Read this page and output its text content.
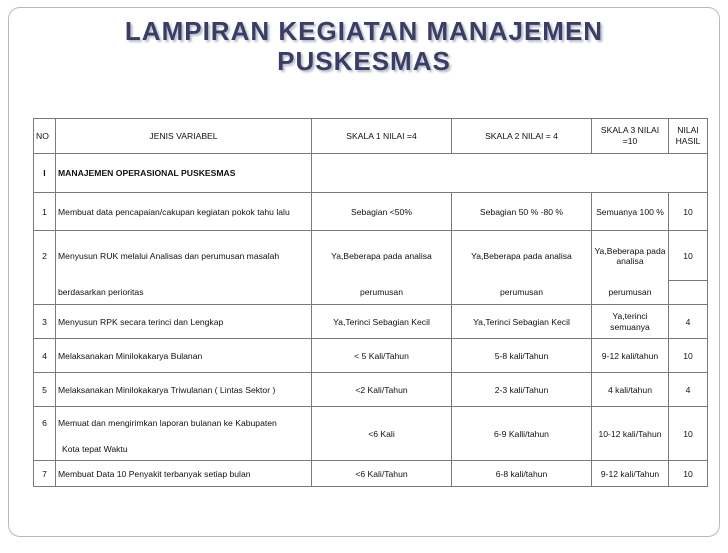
LAMPIRAN KEGIATAN MANAJEMEN
PUSKESMAS
NO	JENIS VARIABEL	SKALA 1 NILAI =4	SKALA 2 NILAI = 4	SKALA 3 NILAI =10	NILAI HASIL
I	MANAJEMEN OPERASIONAL PUSKESMAS				
1	Membuat data pencapaian/cakupan kegiatan pokok tahu lalu	Sebagian <50%	Sebagian 50 % -80 %	Semuanya 100 %	10
2	Menyusun RUK melalui Analisas dan perumusan masalah	Ya,Beberapa pada analisa	Ya,Beberapa pada analisa	Ya,Beberapa pada analisa	10
	berdasarkan perioritas	perumusan	perumusan	perumusan	
3	Menyusun RPK secara terinci dan Lengkap	Ya,Terinci Sebagian Kecil	Ya,Terinci Sebagian Kecil	Ya,terinci semuanya	4
4	Melaksanakan Minilokakarya Bulanan	< 5 Kali/Tahun	5-8 kali/Tahun	9-12 kali/tahun	10
5	Melaksanakan Minilokakarya Triwulanan ( Lintas Sektor )	<2 Kali/Tahun	2-3 kali/Tahun	4 kali/tahun	4
6	Memuat dan mengirimkan laporan bulanan ke Kabupaten	<6 Kali	6-9 Kalli/tahun	10-12 kali/Tahun	10
	Kota tepat Waktu				
7	Membuat Data 10 Penyakit terbanyak setiap bulan	<6 Kali/Tahun	6-8 kali/tahun	9-12 kali/Tahun	10
